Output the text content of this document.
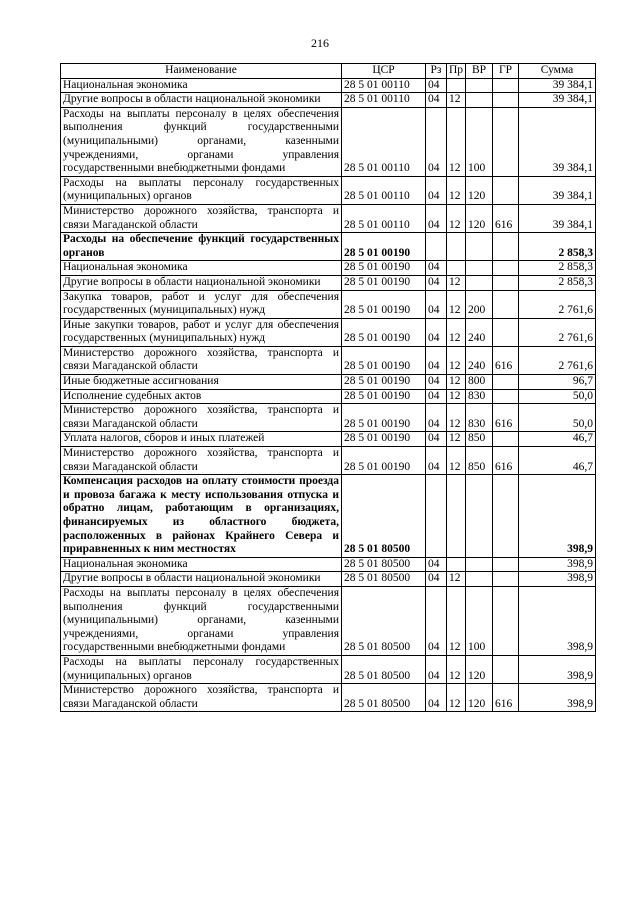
216
Наименование	ЦСР	Рз	Пр	ВР	ГР	Сумма
Национальная экономика	28 5 01 00110	04				39 384,1
Другие вопросы в области национальной экономики	28 5 01 00110	04	12			39 384,1
Расходы на выплаты персоналу в целях обеспечения выполнения функций государственными (муниципальными) органами, казенными учреждениями, органами управления государственными внебюджетными фондами	28 5 01 00110	04	12	100		39 384,1
Расходы на выплаты персоналу государственных (муниципальных) органов	28 5 01 00110	04	12	120		39 384,1
Министерство дорожного хозяйства, транспорта и связи Магаданской области	28 5 01 00110	04	12	120	616	39 384,1
Расходы на обеспечение функций государственных органов	28 5 01 00190					2 858,3
Национальная экономика	28 5 01 00190	04				2 858,3
Другие вопросы в области национальной экономики	28 5 01 00190	04	12			2 858,3
Закупка товаров, работ и услуг для обеспечения государственных (муниципальных) нужд	28 5 01 00190	04	12	200		2 761,6
Иные закупки товаров, работ и услуг для обеспечения государственных (муниципальных) нужд	28 5 01 00190	04	12	240		2 761,6
Министерство дорожного хозяйства, транспорта и связи Магаданской области	28 5 01 00190	04	12	240	616	2 761,6
Иные бюджетные ассигнования	28 5 01 00190	04	12	800		96,7
Исполнение судебных актов	28 5 01 00190	04	12	830		50,0
Министерство дорожного хозяйства, транспорта и связи Магаданской области	28 5 01 00190	04	12	830	616	50,0
Уплата налогов, сборов и иных платежей	28 5 01 00190	04	12	850		46,7
Министерство дорожного хозяйства, транспорта и связи Магаданской области	28 5 01 00190	04	12	850	616	46,7
Компенсация расходов на оплату стоимости проезда и провоза багажа к месту использования отпуска и обратно лицам, работающим в организациях, финансируемых из областного бюджета, расположенных в районах Крайнего Севера и приравненных к ним местностях	28 5 01 80500					398,9
Национальная экономика	28 5 01 80500	04				398,9
Другие вопросы в области национальной экономики	28 5 01 80500	04	12			398,9
Расходы на выплаты персоналу в целях обеспечения выполнения функций государственными (муниципальными) органами, казенными учреждениями, органами управления государственными внебюджетными фондами	28 5 01 80500	04	12	100		398,9
Расходы на выплаты персоналу государственных (муниципальных) органов	28 5 01 80500	04	12	120		398,9
Министерство дорожного хозяйства, транспорта и связи Магаданской области	28 5 01 80500	04	12	120	616	398,9
